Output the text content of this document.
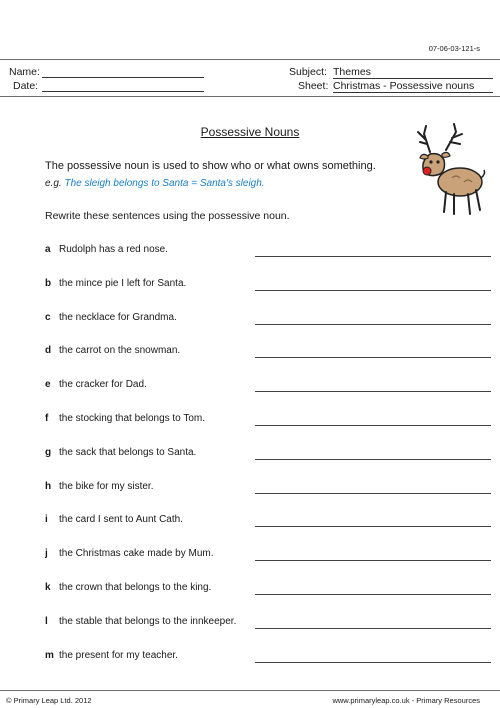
07-06-03-121-s
Name:
Date:
Subject: Themes
Sheet: Christmas - Possessive nouns
Possessive Nouns
The possessive noun is used to show who or what owns something.
e.g. The sleigh belongs to Santa = Santa's sleigh.
Rewrite these sentences using the possessive noun.
a Rudolph has a red nose.
b the mince pie I left for Santa.
c the necklace for Grandma.
d the carrot on the snowman.
e the cracker for Dad.
f the stocking that belongs to Tom.
g the sack that belongs to Santa.
h the bike for my sister.
i the card I sent to Aunt Cath.
j the Christmas cake made by Mum.
k the crown that belongs to the king.
l the stable that belongs to the innkeeper.
m the present for my teacher.
© Primary Leap Ltd. 2012	www.primaryleap.co.uk - Primary Resources
